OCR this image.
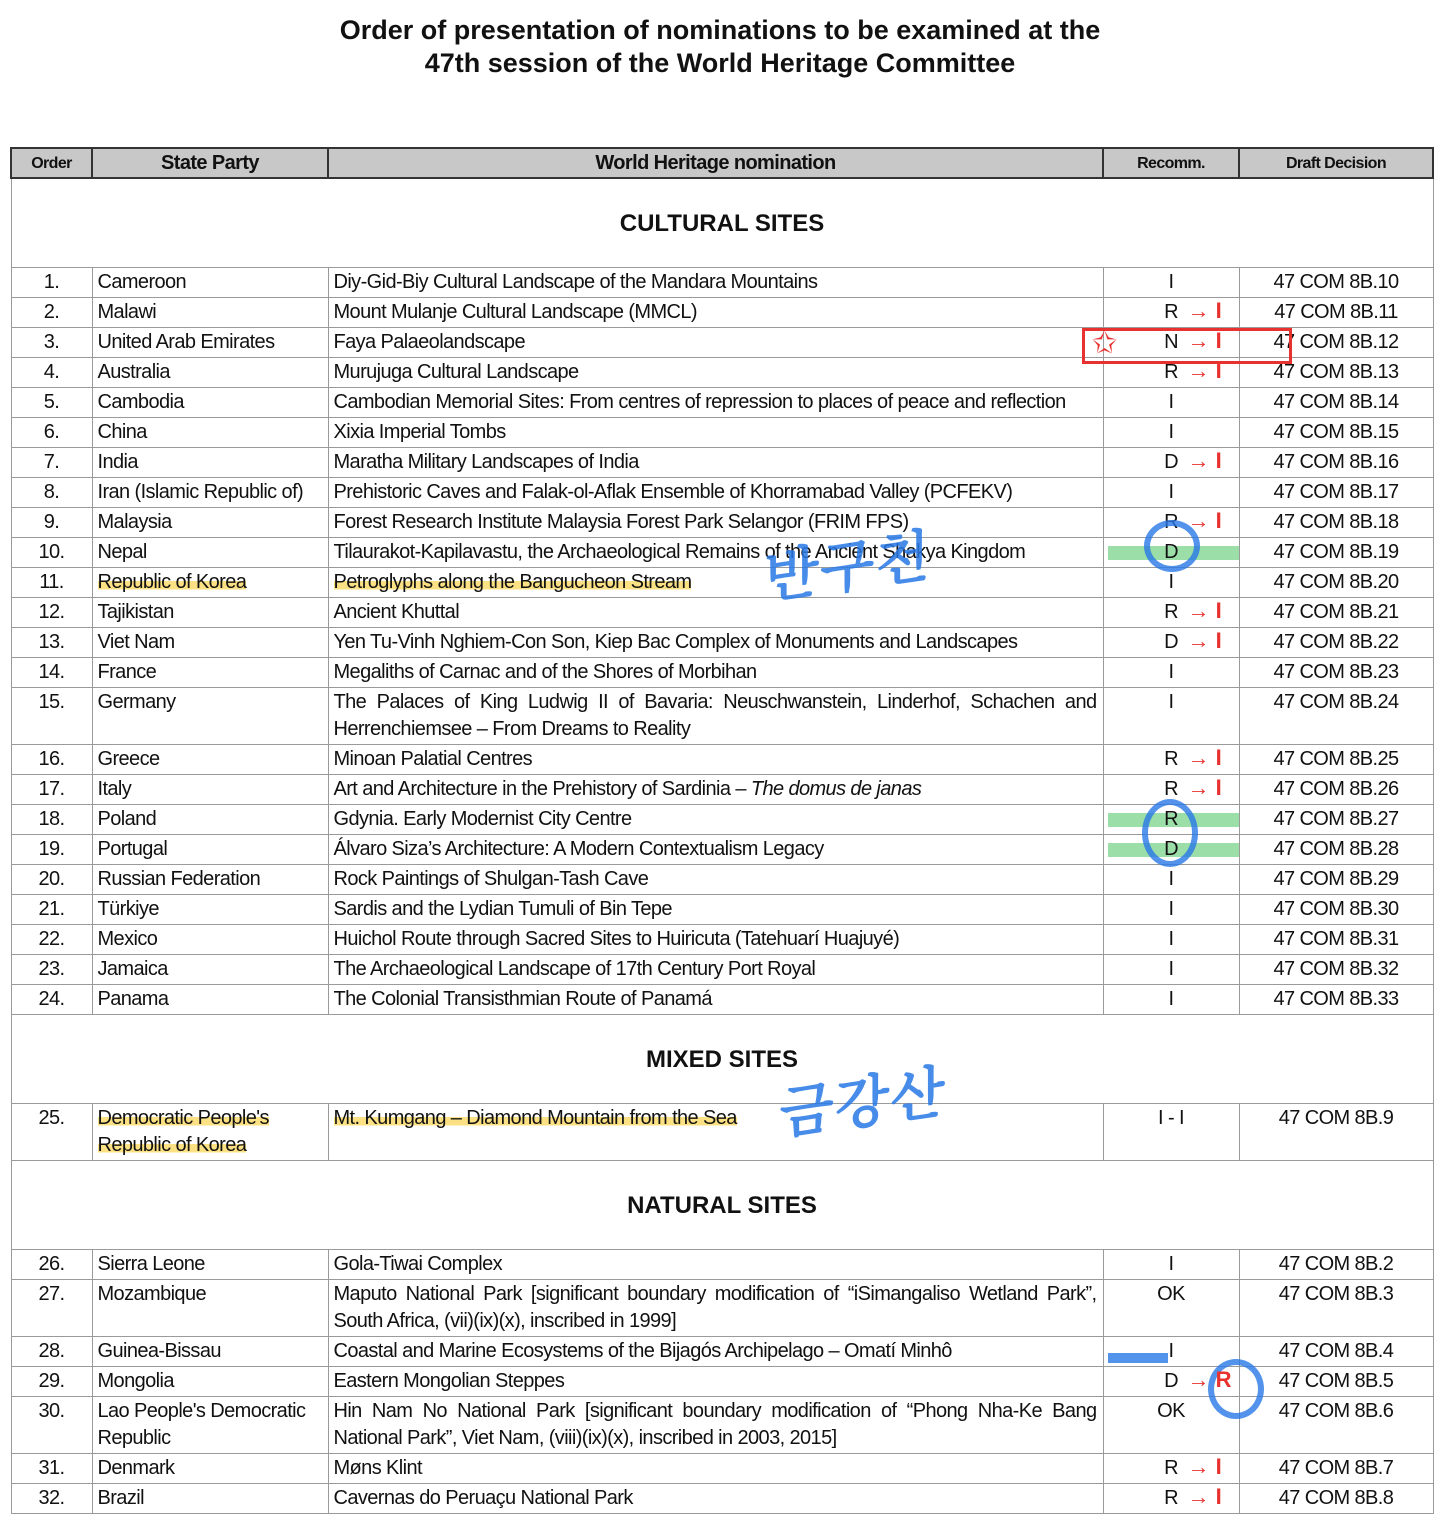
Order of presentation of nominations to be examined at the
47th session of the World Heritage Committee
Order	State Party	World Heritage nomination	Recomm.	Draft Decision
CULTURAL SITES				
1.	Cameroon	Diy-Gid-Biy Cultural Landscape of the Mandara Mountains	I	47 COM 8B.10
2.	Malawi	Mount Mulanje Cultural Landscape (MMCL)	R → I	47 COM 8B.11
3.	United Arab Emirates	Faya Palaeolandscape	N → I	47 COM 8B.12
4.	Australia	Murujuga Cultural Landscape	R → I	47 COM 8B.13
5.	Cambodia	Cambodian Memorial Sites: From centres of repression to places of peace and reflection	I	47 COM 8B.14
6.	China	Xixia Imperial Tombs	I	47 COM 8B.15
7.	India	Maratha Military Landscapes of India	D → I	47 COM 8B.16
8.	Iran (Islamic Republic of)	Prehistoric Caves and Falak-ol-Aflak Ensemble of Khorramabad Valley (PCFEKV)	I	47 COM 8B.17
9.	Malaysia	Forest Research Institute Malaysia Forest Park Selangor (FRIM FPS)	R → I	47 COM 8B.18
10.	Nepal	Tilaurakot-Kapilavastu, the Archaeological Remains of the Ancient Shakya Kingdom	D	47 COM 8B.19
11.	Republic of Korea	Petroglyphs along the Bangucheon Stream 반구천	I	47 COM 8B.20
12.	Tajikistan	Ancient Khuttal	R → I	47 COM 8B.21
13.	Viet Nam	Yen Tu-Vinh Nghiem-Con Son, Kiep Bac Complex of Monuments and Landscapes	D → I	47 COM 8B.22
14.	France	Megaliths of Carnac and of the Shores of Morbihan	I	47 COM 8B.23
15.	Germany	The Palaces of King Ludwig II of Bavaria: Neuschwanstein, Linderhof, Schachen and Herrenchiemsee – From Dreams to Reality	I	47 COM 8B.24
16.	Greece	Minoan Palatial Centres	R → I	47 COM 8B.25
17.	Italy	Art and Architecture in the Prehistory of Sardinia – The domus de janas	R → I	47 COM 8B.26
18.	Poland	Gdynia. Early Modernist City Centre	R	47 COM 8B.27
19.	Portugal	Álvaro Siza’s Architecture: A Modern Contextualism Legacy	D	47 COM 8B.28
20.	Russian Federation	Rock Paintings of Shulgan-Tash Cave	I	47 COM 8B.29
21.	Türkiye	Sardis and the Lydian Tumuli of Bin Tepe	I	47 COM 8B.30
22.	Mexico	Huichol Route through Sacred Sites to Huiricuta (Tatehuarí Huajuyé)	I	47 COM 8B.31
23.	Jamaica	The Archaeological Landscape of 17th Century Port Royal	I	47 COM 8B.32
24.	Panama	The Colonial Transisthmian Route of Panamá	I	47 COM 8B.33
MIXED SITES				
25.	Democratic People's Republic of Korea	Mt. Kumgang – Diamond Mountain from the Sea 금강산	I - I	47 COM 8B.9
NATURAL SITES				
26.	Sierra Leone	Gola-Tiwai Complex	I	47 COM 8B.2
27.	Mozambique	Maputo National Park [significant boundary modification of “iSimangaliso Wetland Park”, South Africa, (vii)(ix)(x), inscribed in 1999]	OK	47 COM 8B.3
28.	Guinea-Bissau	Coastal and Marine Ecosystems of the Bijagós Archipelago – Omatí Minhô	I	47 COM 8B.4
29.	Mongolia	Eastern Mongolian Steppes	D → R	47 COM 8B.5
30.	Lao People's Democratic Republic	Hin Nam No National Park [significant boundary modification of “Phong Nha-Ke Bang National Park”, Viet Nam, (viii)(ix)(x), inscribed in 2003, 2015]	OK	47 COM 8B.6
31.	Denmark	Møns Klint	R → I	47 COM 8B.7
32.	Brazil	Cavernas do Peruaçu National Park	R → I	47 COM 8B.8
✩
